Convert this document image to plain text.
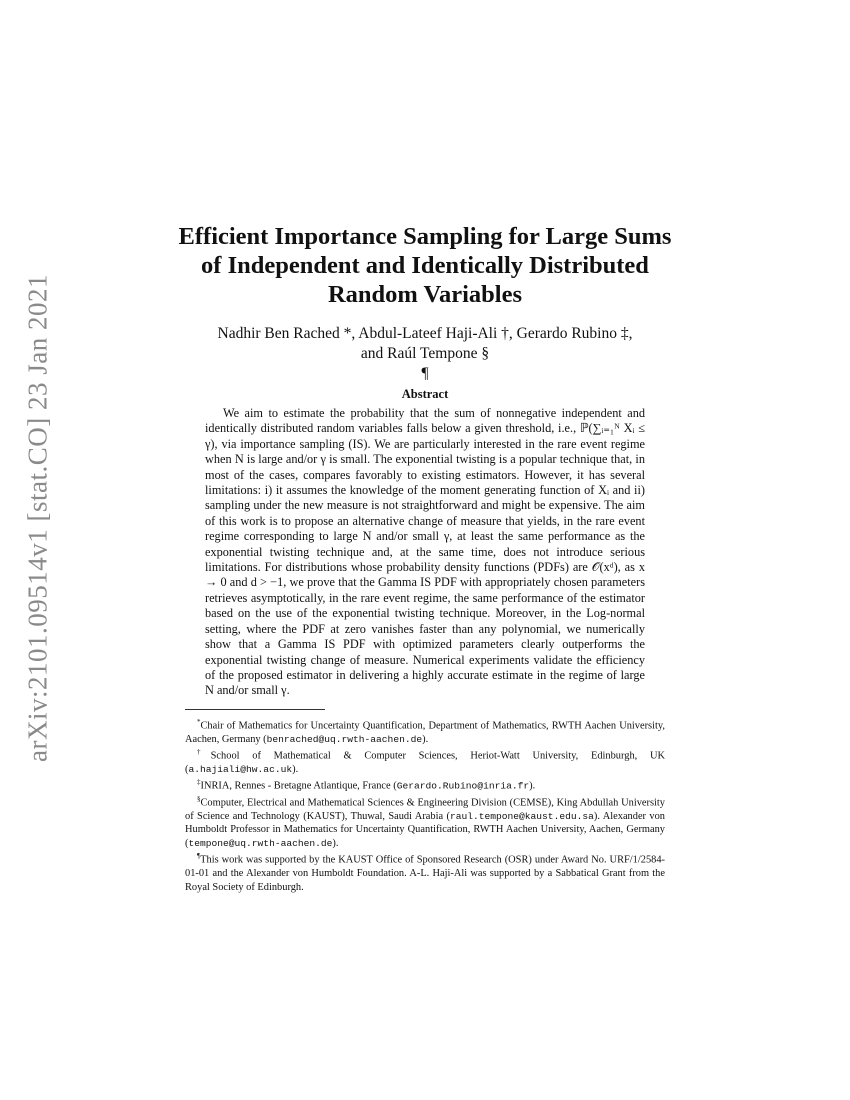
arXiv:2101.09514v1 [stat.CO] 23 Jan 2021
Efficient Importance Sampling for Large Sums of Independent and Identically Distributed Random Variables
Nadhir Ben Rached *, Abdul-Lateef Haji-Ali †, Gerardo Rubino ‡,
and Raúl Tempone §
¶
Abstract

We aim to estimate the probability that the sum of nonnegative independent and identically distributed random variables falls below a given threshold, i.e., ℙ(∑ᵢ₌₁ᴺ Xᵢ ≤ γ), via importance sampling (IS). We are particularly interested in the rare event regime when N is large and/or γ is small. The exponential twisting is a popular technique that, in most of the cases, compares favorably to existing estimators. However, it has several limitations: i) it assumes the knowledge of the moment generating function of Xᵢ and ii) sampling under the new measure is not straightforward and might be expensive. The aim of this work is to propose an alternative change of measure that yields, in the rare event regime corresponding to large N and/or small γ, at least the same performance as the exponential twisting technique and, at the same time, does not introduce serious limitations. For distributions whose probability density functions (PDFs) are 𝒪(xᵈ), as x → 0 and d > −1, we prove that the Gamma IS PDF with appropriately chosen parameters retrieves asymptotically, in the rare event regime, the same performance of the estimator based on the use of the exponential twisting technique. Moreover, in the Log-normal setting, where the PDF at zero vanishes faster than any polynomial, we numerically show that a Gamma IS PDF with optimized parameters clearly outperforms the exponential twisting change of measure. Numerical experiments validate the efficiency of the proposed estimator in delivering a highly accurate estimate in the regime of large N and/or small γ.

*Chair of Mathematics for Uncertainty Quantification, Department of Mathematics, RWTH Aachen University, Aachen, Germany (benrached@uq.rwth-aachen.de).

†School of Mathematical & Computer Sciences, Heriot-Watt University, Edinburgh, UK (a.hajiali@hw.ac.uk).

‡INRIA, Rennes - Bretagne Atlantique, France (Gerardo.Rubino@inria.fr).

§Computer, Electrical and Mathematical Sciences & Engineering Division (CEMSE), King Abdullah University of Science and Technology (KAUST), Thuwal, Saudi Arabia (raul.tempone@kaust.edu.sa). Alexander von Humboldt Professor in Mathematics for Uncertainty Quantification, RWTH Aachen University, Aachen, Germany (tempone@uq.rwth-aachen.de).

¶This work was supported by the KAUST Office of Sponsored Research (OSR) under Award No. URF/1/2584-01-01 and the Alexander von Humboldt Foundation. A-L. Haji-Ali was supported by a Sabbatical Grant from the Royal Society of Edinburgh.
